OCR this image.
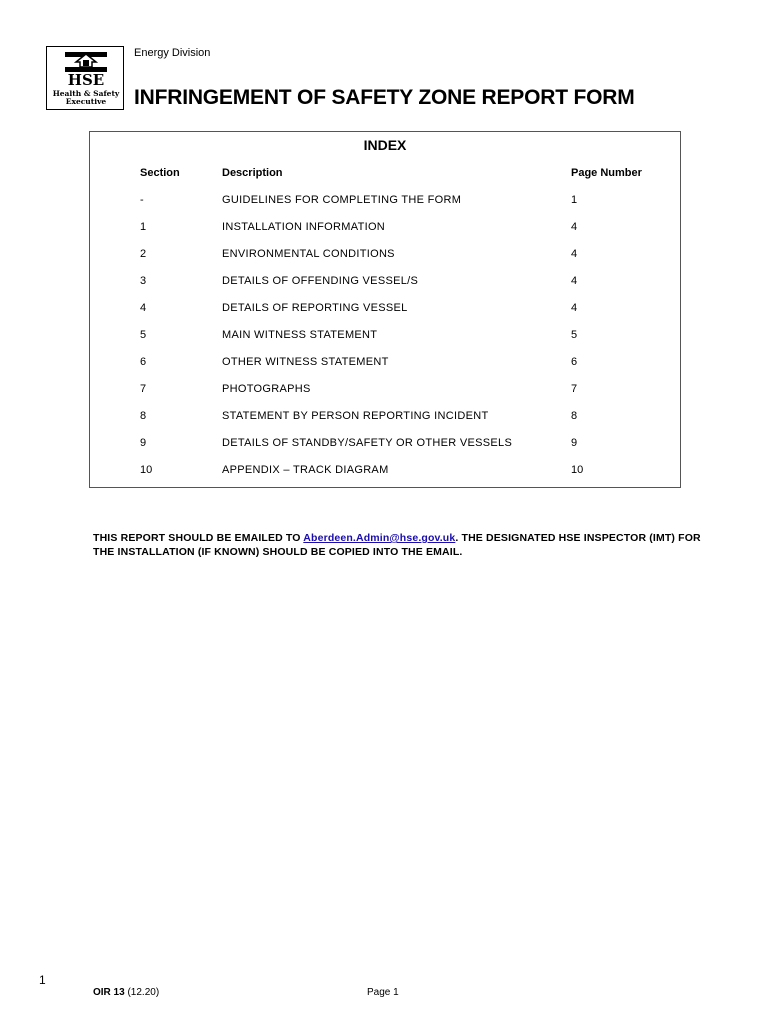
HSE
Health & Safety
Executive
Energy Division
INFRINGEMENT OF SAFETY ZONE REPORT FORM
INDEX
Section	Description	Page Number
-	GUIDELINES FOR COMPLETING THE FORM	1
1	INSTALLATION INFORMATION	4
2	ENVIRONMENTAL CONDITIONS	4
3	DETAILS OF OFFENDING VESSEL/S	4
4	DETAILS OF REPORTING VESSEL	4
5	MAIN WITNESS STATEMENT	5
6	OTHER WITNESS STATEMENT	6
7	PHOTOGRAPHS	7
8	STATEMENT BY PERSON REPORTING INCIDENT	8
9	DETAILS OF STANDBY/SAFETY OR OTHER VESSELS	9
10	APPENDIX – TRACK DIAGRAM	10
THIS REPORT SHOULD BE EMAILED TO Aberdeen.Admin@hse.gov.uk. THE DESIGNATED HSE INSPECTOR (IMT) FOR THE INSTALLATION (IF KNOWN) SHOULD BE COPIED INTO THE EMAIL.
1
OIR 13 (12.20)	Page 1
